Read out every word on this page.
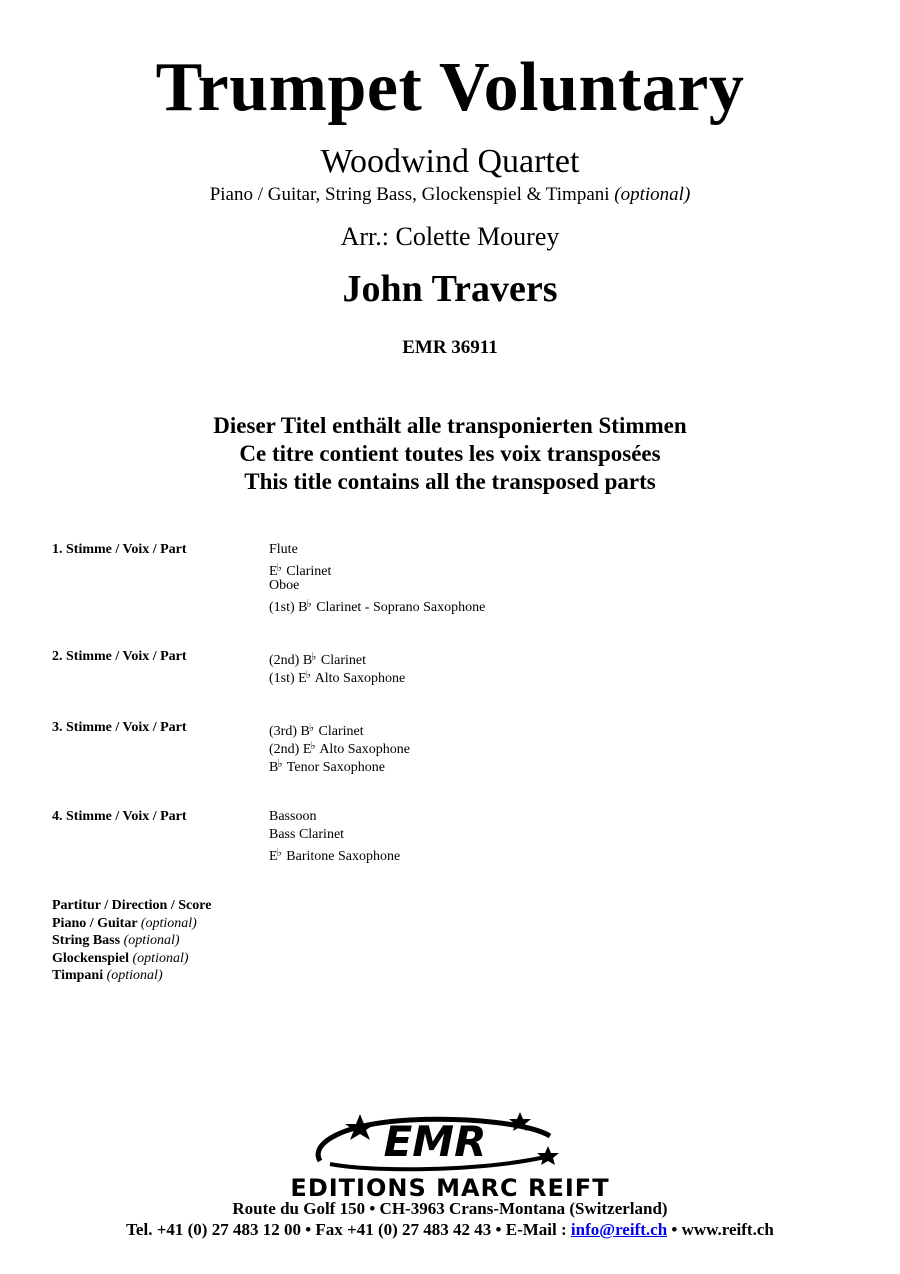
Trumpet Voluntary
Woodwind Quartet
Piano / Guitar, String Bass, Glockenspiel & Timpani (optional)
Arr.: Colette Mourey
John Travers
EMR 36911
Dieser Titel enthält alle transponierten Stimmen
Ce titre contient toutes les voix transposées
This title contains all the transposed parts
1. Stimme / Voix / Part	Flute
E♭ Clarinet
Oboe
(1st) B♭ Clarinet - Soprano Saxophone
2. Stimme / Voix / Part	(2nd) B♭ Clarinet
(1st) E♭ Alto Saxophone
3. Stimme / Voix / Part	(3rd) B♭ Clarinet
(2nd) E♭ Alto Saxophone
B♭ Tenor Saxophone
4. Stimme / Voix / Part	Bassoon
Bass Clarinet
E♭ Baritone Saxophone
Partitur / Direction / Score
Piano / Guitar (optional)
String Bass (optional)
Glockenspiel (optional)
Timpani (optional)
EMR
EDITIONS MARC REIFT
Route du Golf 150 • CH-3963 Crans-Montana (Switzerland)
Tel. +41 (0) 27 483 12 00 • Fax +41 (0) 27 483 42 43 • E-Mail : info@reift.ch • www.reift.ch
